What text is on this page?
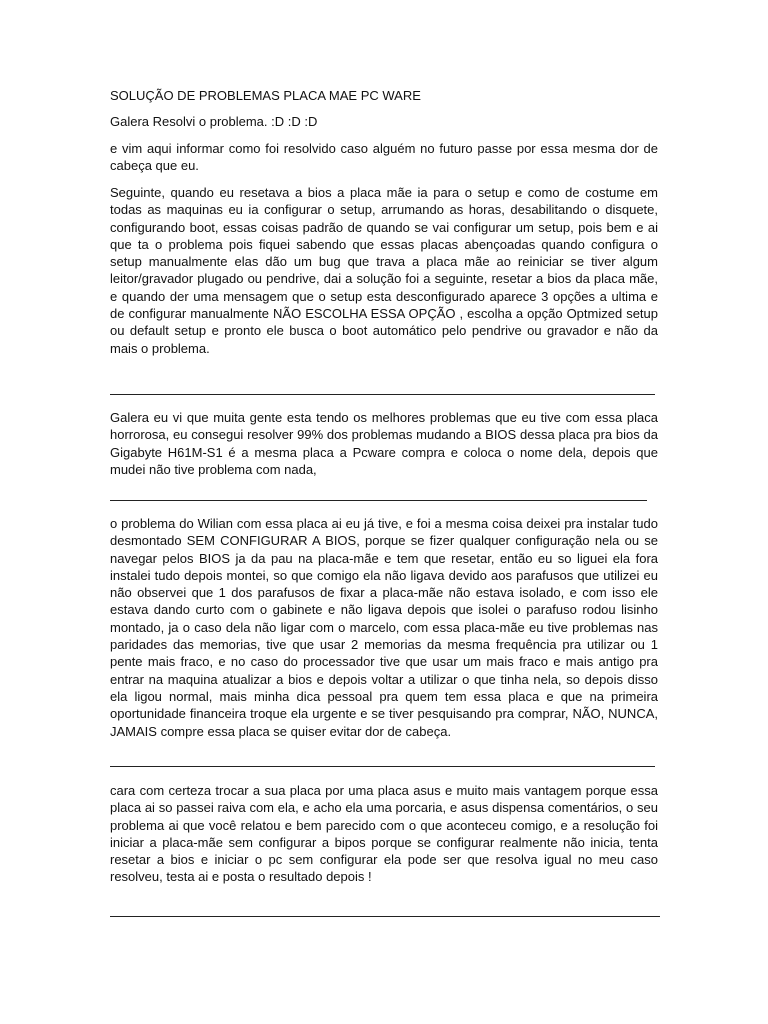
SOLUÇÃO DE PROBLEMAS PLACA MAE PC WARE

Galera Resolvi o problema. :D :D :D

e vim aqui informar como foi resolvido caso alguém no futuro passe por essa mesma dor de cabeça que eu.

Seguinte, quando eu resetava a bios a placa mãe ia para o setup e como de costume em todas as maquinas eu ia configurar o setup, arrumando as horas, desabilitando o disquete, configurando boot, essas coisas padrão de quando se vai configurar um setup, pois bem e ai que ta o problema pois fiquei sabendo que essas placas abençoadas quando configura o setup manualmente elas dão um bug que trava a placa mãe ao reiniciar se tiver algum leitor/gravador plugado ou pendrive, dai a solução foi a seguinte, resetar a bios da placa mãe, e quando der uma mensagem que o setup esta desconfigurado aparece 3 opções a ultima e de configurar manualmente NÃO ESCOLHA ESSA OPÇÃO , escolha a opção Optmized setup ou default setup e pronto ele busca o boot automático pelo pendrive ou gravador e não da mais o problema.

Galera eu vi que muita gente esta tendo os melhores problemas que eu tive com essa placa horrorosa, eu consegui resolver 99% dos problemas mudando a BIOS dessa placa pra bios da Gigabyte H61M-S1 é a mesma placa a Pcware compra e coloca o nome dela, depois que mudei não tive problema com nada,

o problema do Wilian com essa placa ai eu já tive, e foi a mesma coisa deixei pra instalar tudo desmontado SEM CONFIGURAR A BIOS, porque se fizer qualquer configuração nela ou se navegar pelos BIOS ja da pau na placa-mãe e tem que resetar, então eu so liguei ela fora instalei tudo depois montei, so que comigo ela não ligava devido aos parafusos que utilizei eu não observei que 1 dos parafusos de fixar a placa-mãe não estava isolado, e com isso ele estava dando curto com o gabinete e não ligava depois que isolei o parafuso rodou lisinho montado, ja o caso dela não ligar com o marcelo, com essa placa-mãe eu tive problemas nas paridades das memorias, tive que usar 2 memorias da mesma frequência pra utilizar ou 1 pente mais fraco, e no caso do processador tive que usar um mais fraco e mais antigo pra entrar na maquina atualizar a bios e depois voltar a utilizar o que tinha nela, so depois disso ela ligou normal, mais minha dica pessoal pra quem tem essa placa e que na primeira oportunidade financeira troque ela urgente e se tiver pesquisando pra comprar, NÃO, NUNCA, JAMAIS compre essa placa se quiser evitar dor de cabeça.

cara com certeza trocar a sua placa por uma placa asus e muito mais vantagem porque essa placa ai so passei raiva com ela, e acho ela uma porcaria, e asus dispensa comentários, o seu problema ai que você relatou e bem parecido com o que aconteceu comigo, e a resolução foi iniciar a placa-mãe sem configurar a bipos porque se configurar realmente não inicia, tenta resetar a bios e iniciar o pc sem configurar ela pode ser que resolva igual no meu caso resolveu, testa ai e posta o resultado depois !
